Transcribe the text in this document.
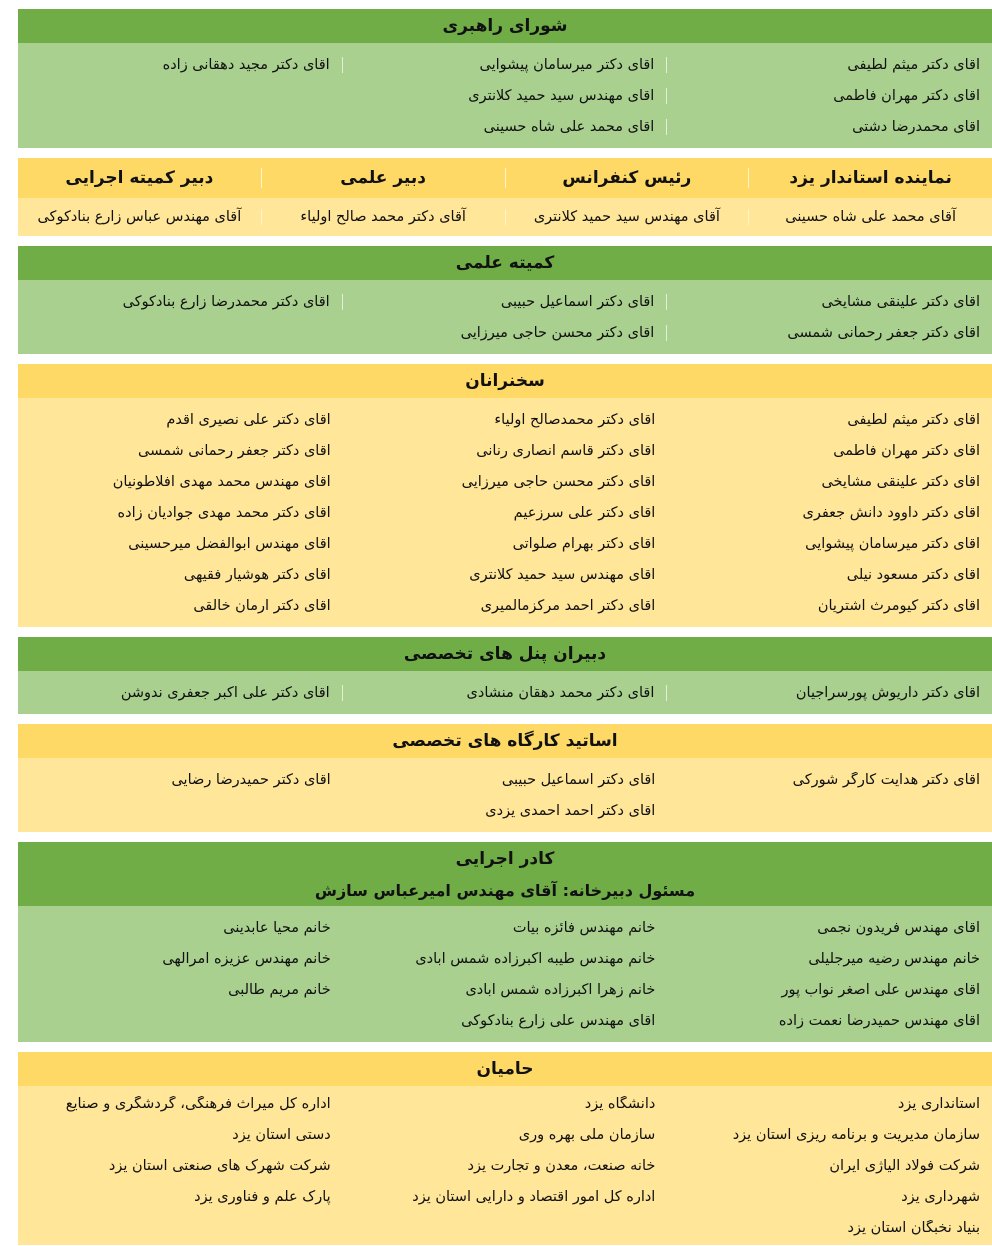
شورای راهبری
آقای دکتر میثم لطیفی
آقای دکتر میرسامان پیشوایی
آقای دکتر مجید دهقانی زاده
آقای دکتر مهران فاطمی
آقای مهندس سید حمید کلانتری
آقای محمدرضا دشتی
آقای محمد علی شاه حسینی
نماینده استاندار یزد
رئیس کنفرانس
دبیر علمی
دبیر کمیته اجرایی
آقای محمد علی شاه حسینی
آقای مهندس سید حمید کلانتری
آقای دکتر محمد صالح اولیاء
آقای مهندس عباس زارع بنادکوکی
کمیته علمی
آقای دکتر علینقی مشایخی
آقای دکتر اسماعیل حبیبی
آقای دکتر محمدرضا زارع بنادکوکی
آقای دکتر جعفر رحمانی شمسی
آقای دکتر محسن حاجی میرزایی
سخنرانان
آقای دکتر میثم لطیفی
آقای دکتر محمدصالح اولیاء
آقای دکتر علی نصیری اقدم
آقای دکتر مهران فاطمی
آقای دکتر قاسم انصاری رنانی
آقای دکتر جعفر رحمانی شمسی
آقای دکتر علینقی مشایخی
آقای دکتر محسن حاجی میرزایی
آقای مهندس محمد مهدی افلاطونیان
آقای دکتر داوود دانش جعفری
آقای دکتر علی سرزعیم
آقای دکتر محمد مهدی جوادیان زاده
آقای دکتر میرسامان پیشوایی
آقای دکتر بهرام صلواتی
آقای مهندس ابوالفضل میرحسینی
آقای دکتر مسعود نیلی
آقای مهندس سید حمید کلانتری
آقای دکتر هوشیار فقیهی
آقای دکتر کیومرث اشتریان
آقای دکتر احمد مرکزمالمیری
آقای دکتر آرمان خالقی
دبیران پنل های تخصصی
آقای دکتر داریوش پورسراجیان
آقای دکتر محمد دهقان منشادی
آقای دکتر علی اکبر جعفری ندوشن
اساتید کارگاه های تخصصی
آقای دکتر هدایت کارگر شورکی
آقای دکتر اسماعیل حبیبی
آقای دکتر حمیدرضا رضایی
آقای دکتر احمد احمدی یزدی
کادر اجرایی
مسئول دبیرخانه: آقای مهندس امیرعباس سازش
آقای مهندس فریدون نجمی
خانم مهندس فائزه بیات
خانم محیا عابدینی
خانم مهندس رضیه میرجلیلی
خانم مهندس طیبه اکبرزاده شمس آبادی
خانم مهندس عزیزه امرالهی
آقای مهندس علی اصغر نواب پور
خانم زهرا اکبرزاده شمس آبادی
خانم مریم طالبی
آقای مهندس حمیدرضا نعمت زاده
آقای مهندس علی زارع بنادکوکی
حامیان
استانداری یزد
دانشگاه یزد
اداره کل میراث فرهنگی، گردشگری و صنایع
سازمان مدیریت و برنامه ریزی استان یزد
سازمان ملی بهره وری
دستی استان یزد
شرکت فولاد آلیاژی ایران
خانه صنعت، معدن و تجارت یزد
شرکت شهرک های صنعتی استان یزد
شهرداری یزد
اداره کل امور اقتصاد و دارایی استان یزد
پارک علم و فناوری یزد
بنیاد نخبگان استان یزد
